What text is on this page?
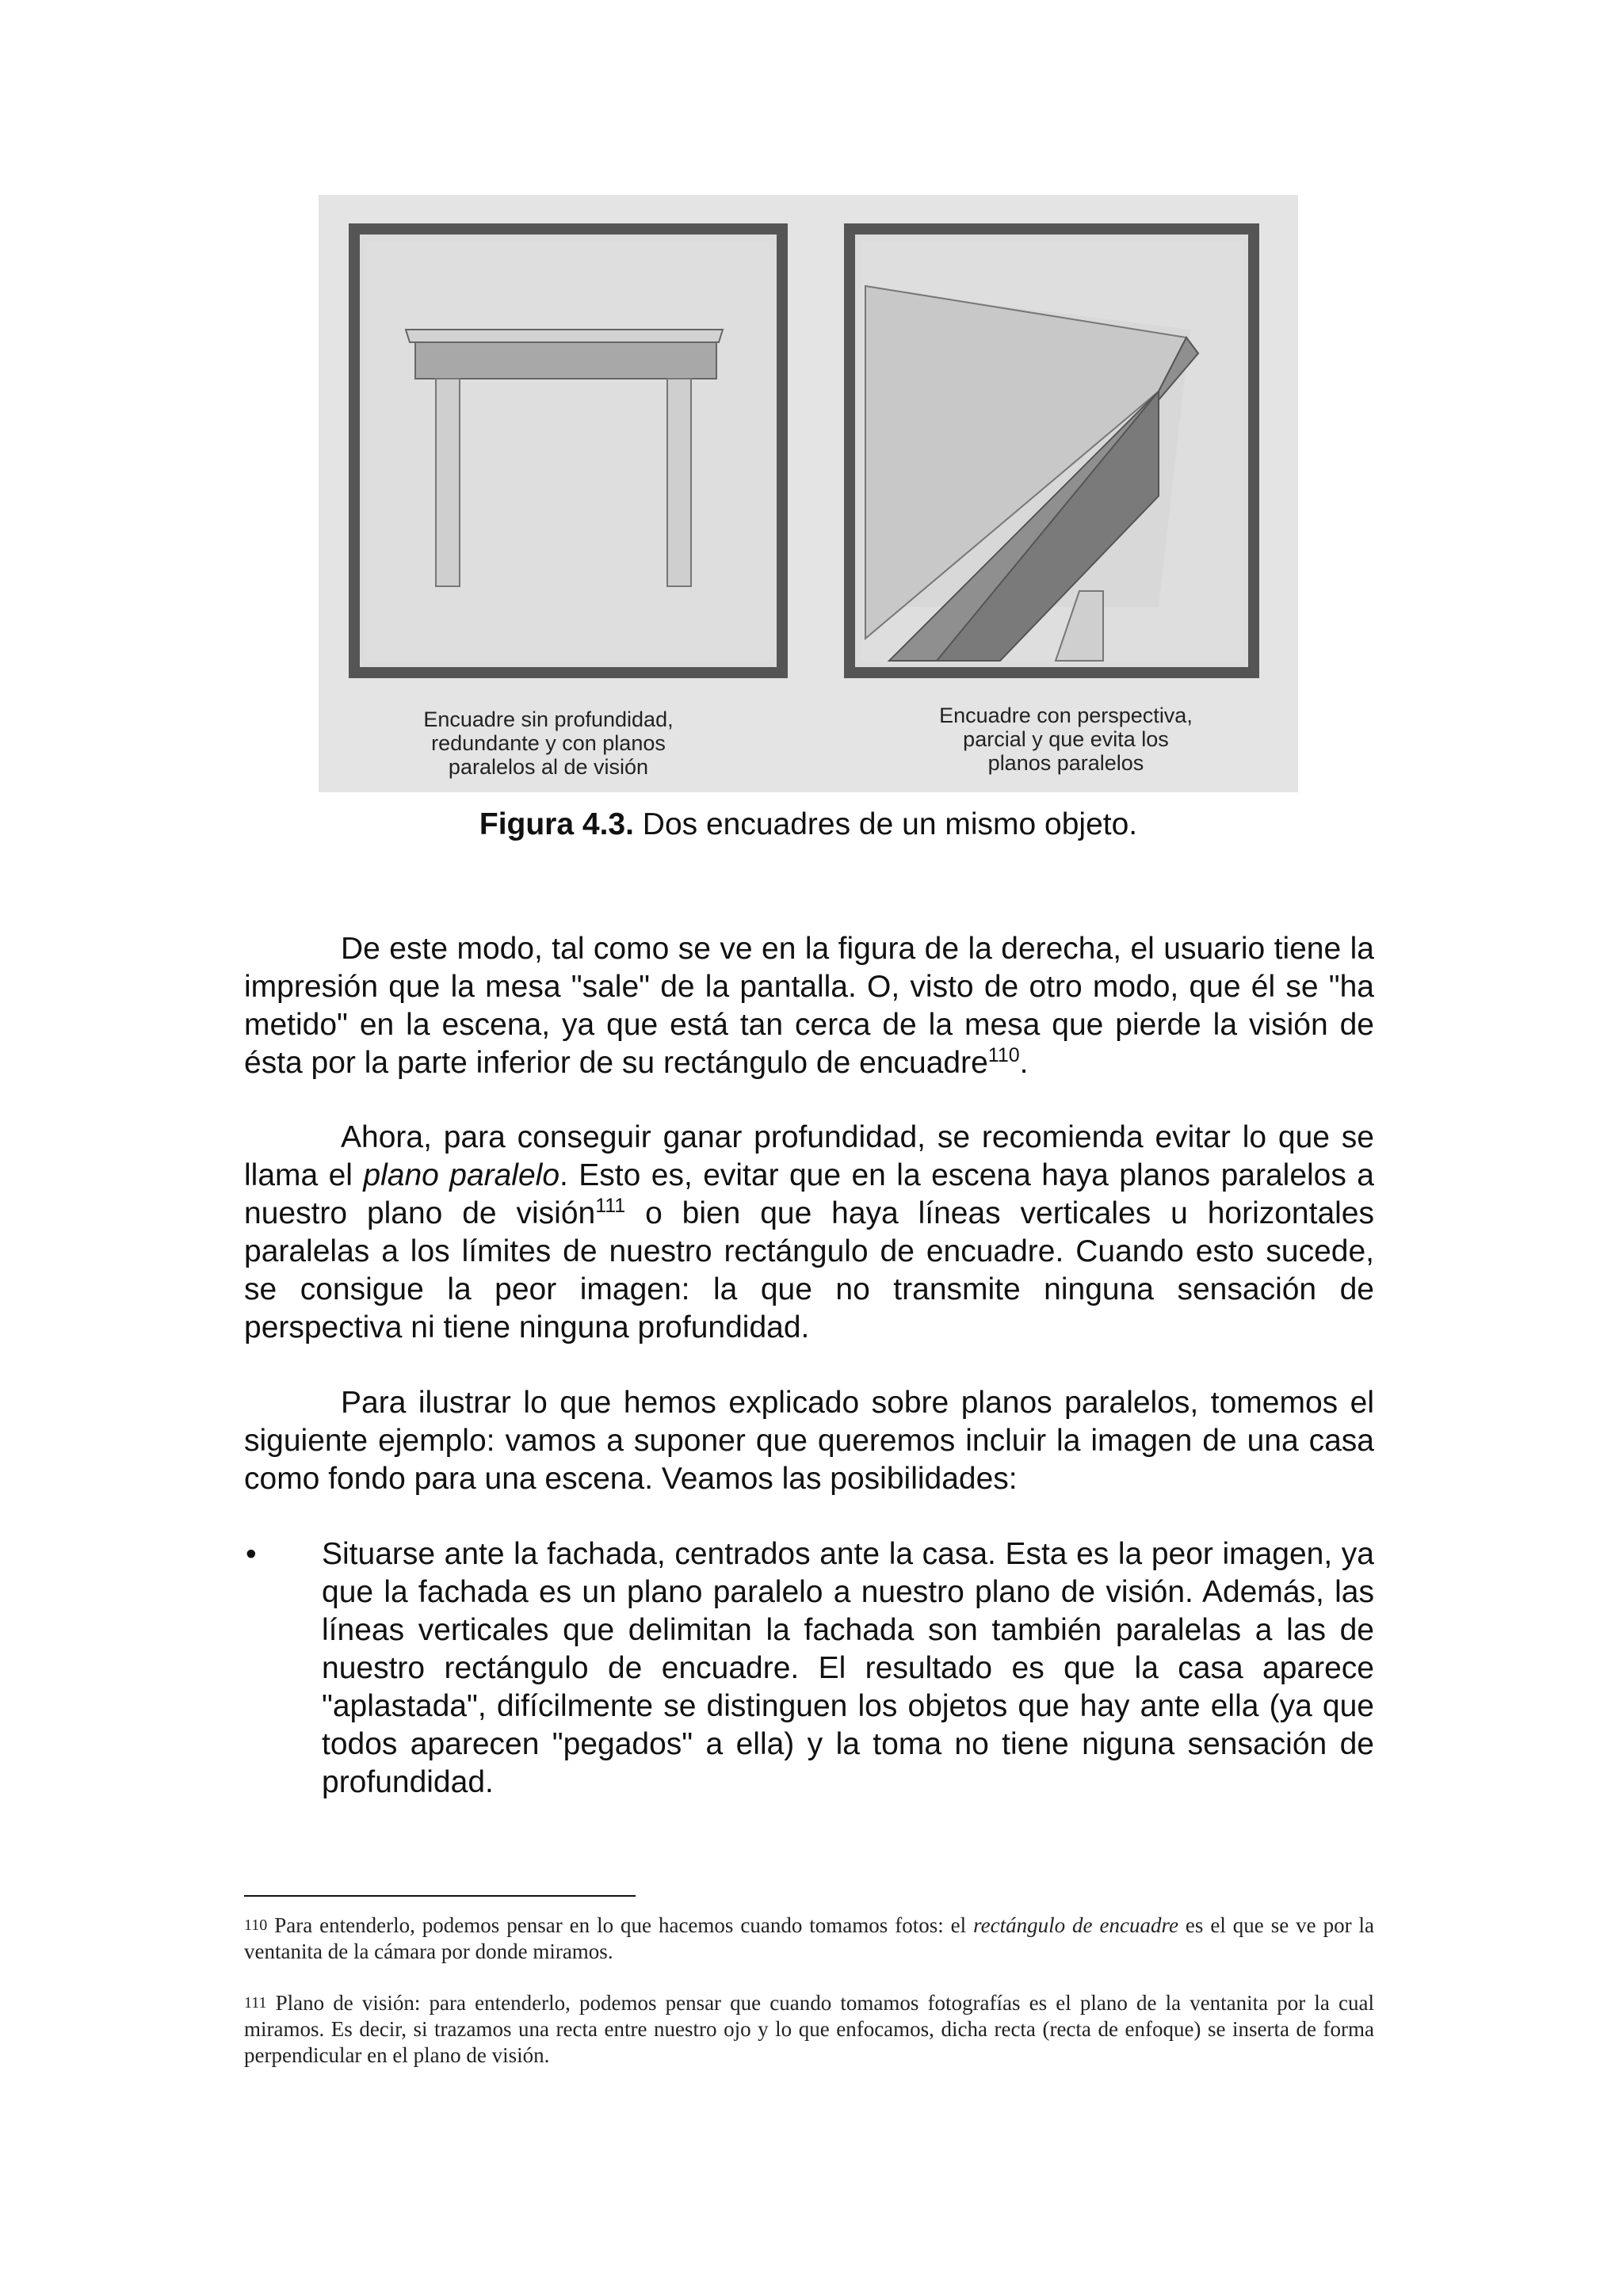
Encuadre sin profundidad,
redundante y con planos
paralelos al de visión
Encuadre con perspectiva,
parcial y que evita los
planos paralelos
Figura 4.3. Dos encuadres de un mismo objeto.
De este modo, tal como se ve en la figura de la derecha, el usuario tiene la impresión que la mesa "sale" de la pantalla. O, visto de otro modo, que él se "ha metido" en la escena, ya que está tan cerca de la mesa que pierde la visión de ésta por la parte inferior de su rectángulo de encuadre$^{110}$.
Ahora, para conseguir ganar profundidad, se recomienda evitar lo que se llama el plano paralelo. Esto es, evitar que en la escena haya planos paralelos a nuestro plano de visión$^{111}$ o bien que haya líneas verticales u horizontales paralelas a los límites de nuestro rectángulo de encuadre. Cuando esto sucede, se consigue la peor imagen: la que no transmite ninguna sensación de perspectiva ni tiene ninguna profundidad.
Para ilustrar lo que hemos explicado sobre planos paralelos, tomemos el siguiente ejemplo: vamos a suponer que queremos incluir la imagen de una casa como fondo para una escena. Veamos las posibilidades:
• Situarse ante la fachada, centrados ante la casa. Esta es la peor imagen, ya que la fachada es un plano paralelo a nuestro plano de visión. Además, las líneas verticales que delimitan la fachada son también paralelas a las de nuestro rectángulo de encuadre. El resultado es que la casa aparece "aplastada", difícilmente se distinguen los objetos que hay ante ella (ya que todos aparecen "pegados" a ella) y la toma no tiene niguna sensación de profundidad.
$^{110}$ Para entenderlo, podemos pensar en lo que hacemos cuando tomamos fotos: el rectángulo de encuadre es el que se ve por la ventanita de la cámara por donde miramos.
$^{111}$ Plano de visión: para entenderlo, podemos pensar que cuando tomamos fotografías es el plano de la ventanita por la cual miramos. Es decir, si trazamos una recta entre nuestro ojo y lo que enfocamos, dicha recta (recta de enfoque) se inserta de forma perpendicular en el plano de visión.
